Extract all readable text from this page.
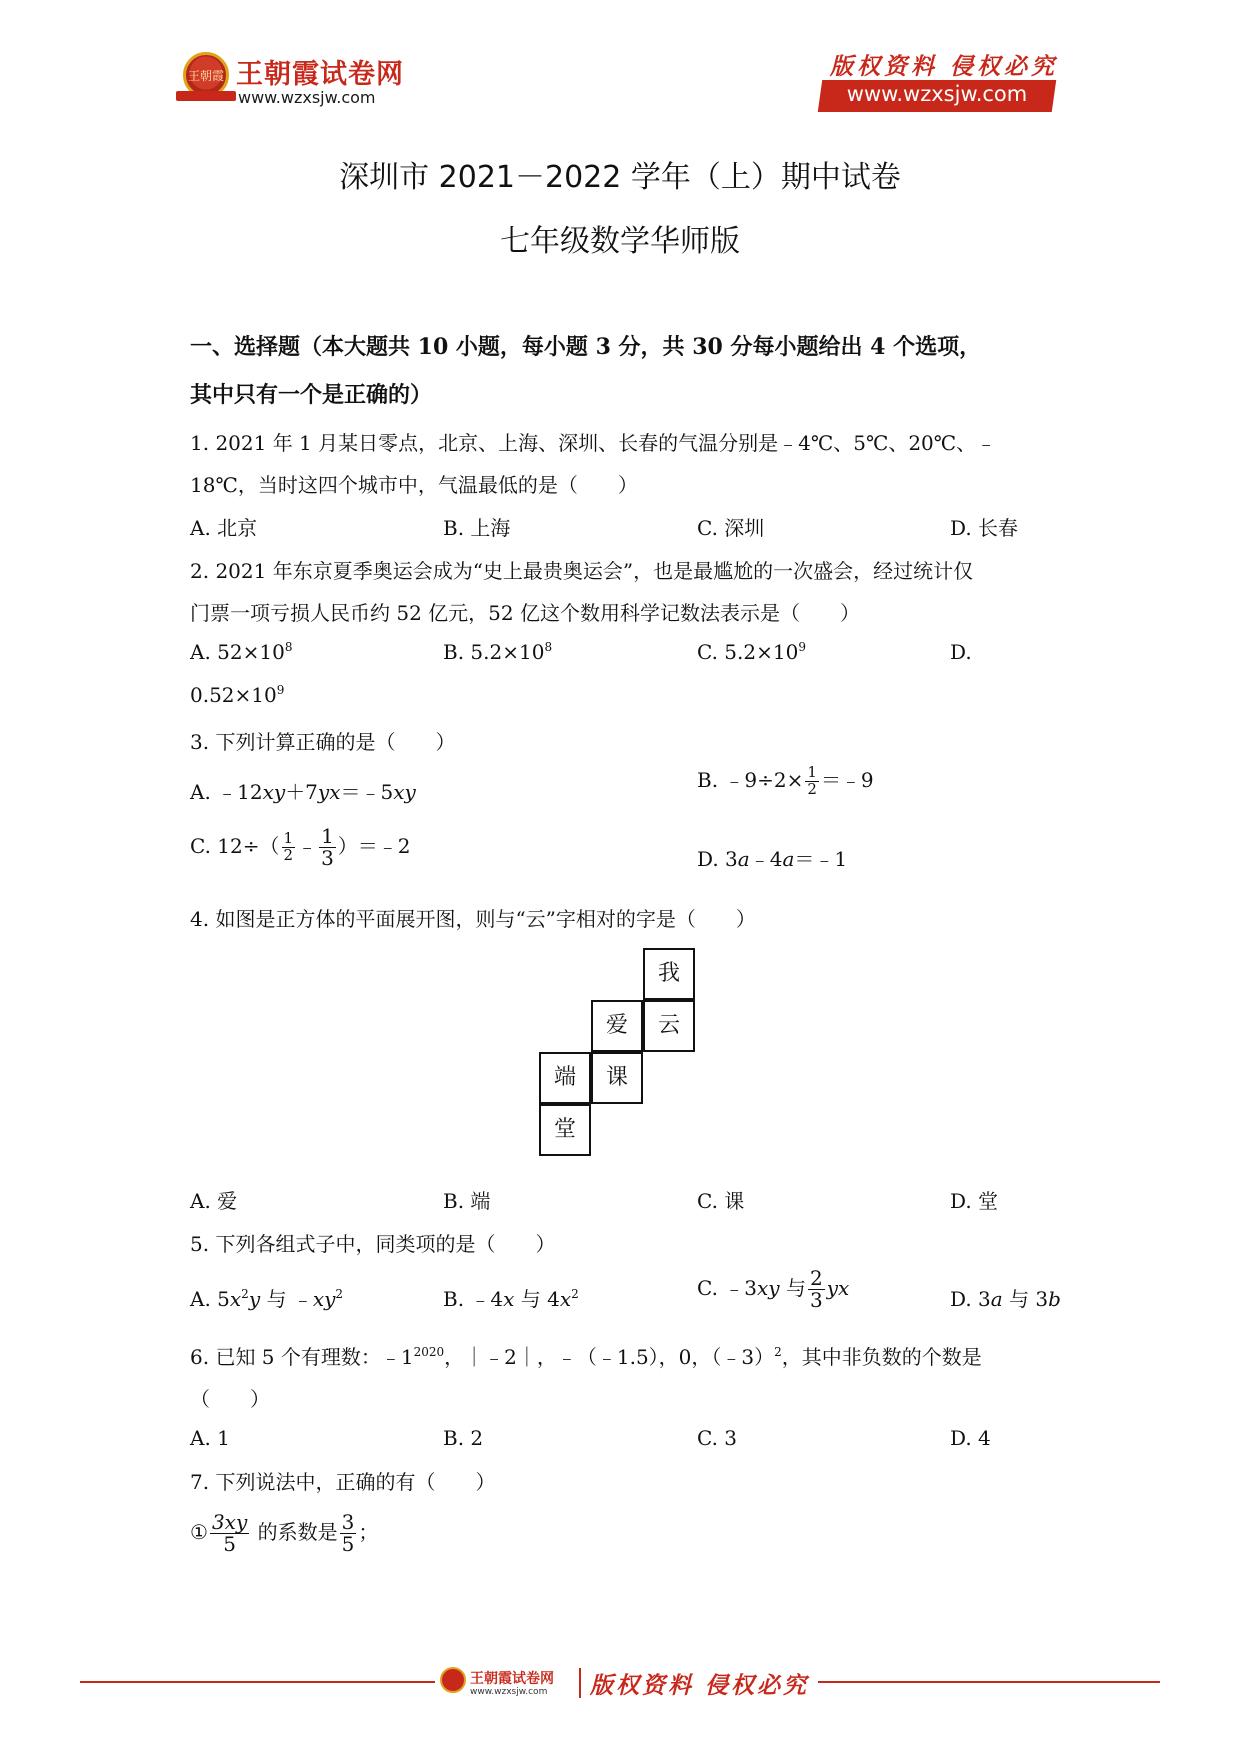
王朝霞 王朝霞试卷网
www.wzxsjw.com
版权资料 侵权必究
www.wzxsjw.com
深圳市 2021－2022 学年（上）期中试卷
七年级数学华师版
一、选择题（本大题共 10 小题，每小题 3 分，共 30 分每小题给出 4 个选项，
其中只有一个是正确的）
1. 2021 年 1 月某日零点，北京、上海、深圳、长春的气温分别是﹣4℃、5℃、20℃、﹣
18℃，当时这四个城市中，气温最低的是（　　）
A. 北京	B. 上海	C. 深圳	D. 长春
2. 2021 年东京夏季奥运会成为“史上最贵奥运会”，也是最尴尬的一次盛会，经过统计仅
门票一项亏损人民币约 52 亿元，52 亿这个数用科学记数法表示是（　　）
A. $52\times 10^8$	B. $5.2\times 10^8$	C. $5.2\times 10^9$	D.
$0.52\times 10^9$
3. 下列计算正确的是（　　）
A. ﹣12xy＋7yx＝﹣5xy	B. ﹣9÷2× $\frac{1}{2}$ ＝﹣9
C. $12\div( \frac{1}{2}$ ﹣ $\frac{1}{3}$ ）＝﹣2
D. 3a﹣4a＝﹣1
4. 如图是正方体的平面展开图，则与“云”字相对的字是（　　）
我
爱	云
端	课
堂
A. 爱	B. 端	C. 课	D. 堂
5. 下列各组式子中，同类项的是（　　）
A. $5x^2y$ 与 $﹣xy^2$	B. ﹣4x 与 $4x^2$	C. ﹣3xy 与 $\frac{2}{3}$ yx	D. 3a 与 3b
6. 已知 5 个有理数：$﹣1^{2020}$，｜﹣2｜，﹣（﹣1.5），0，（﹣3）$^2$，其中非负数的个数是
（　　）
A. 1	B. 2	C. 3	D. 4
7. 下列说法中，正确的有（　　）
① $\frac{3xy}{5}$ 的系数是 $\frac{3}{5}$ ；
王朝霞试卷网
www.wzxsjw.com 版权资料 侵权必究
